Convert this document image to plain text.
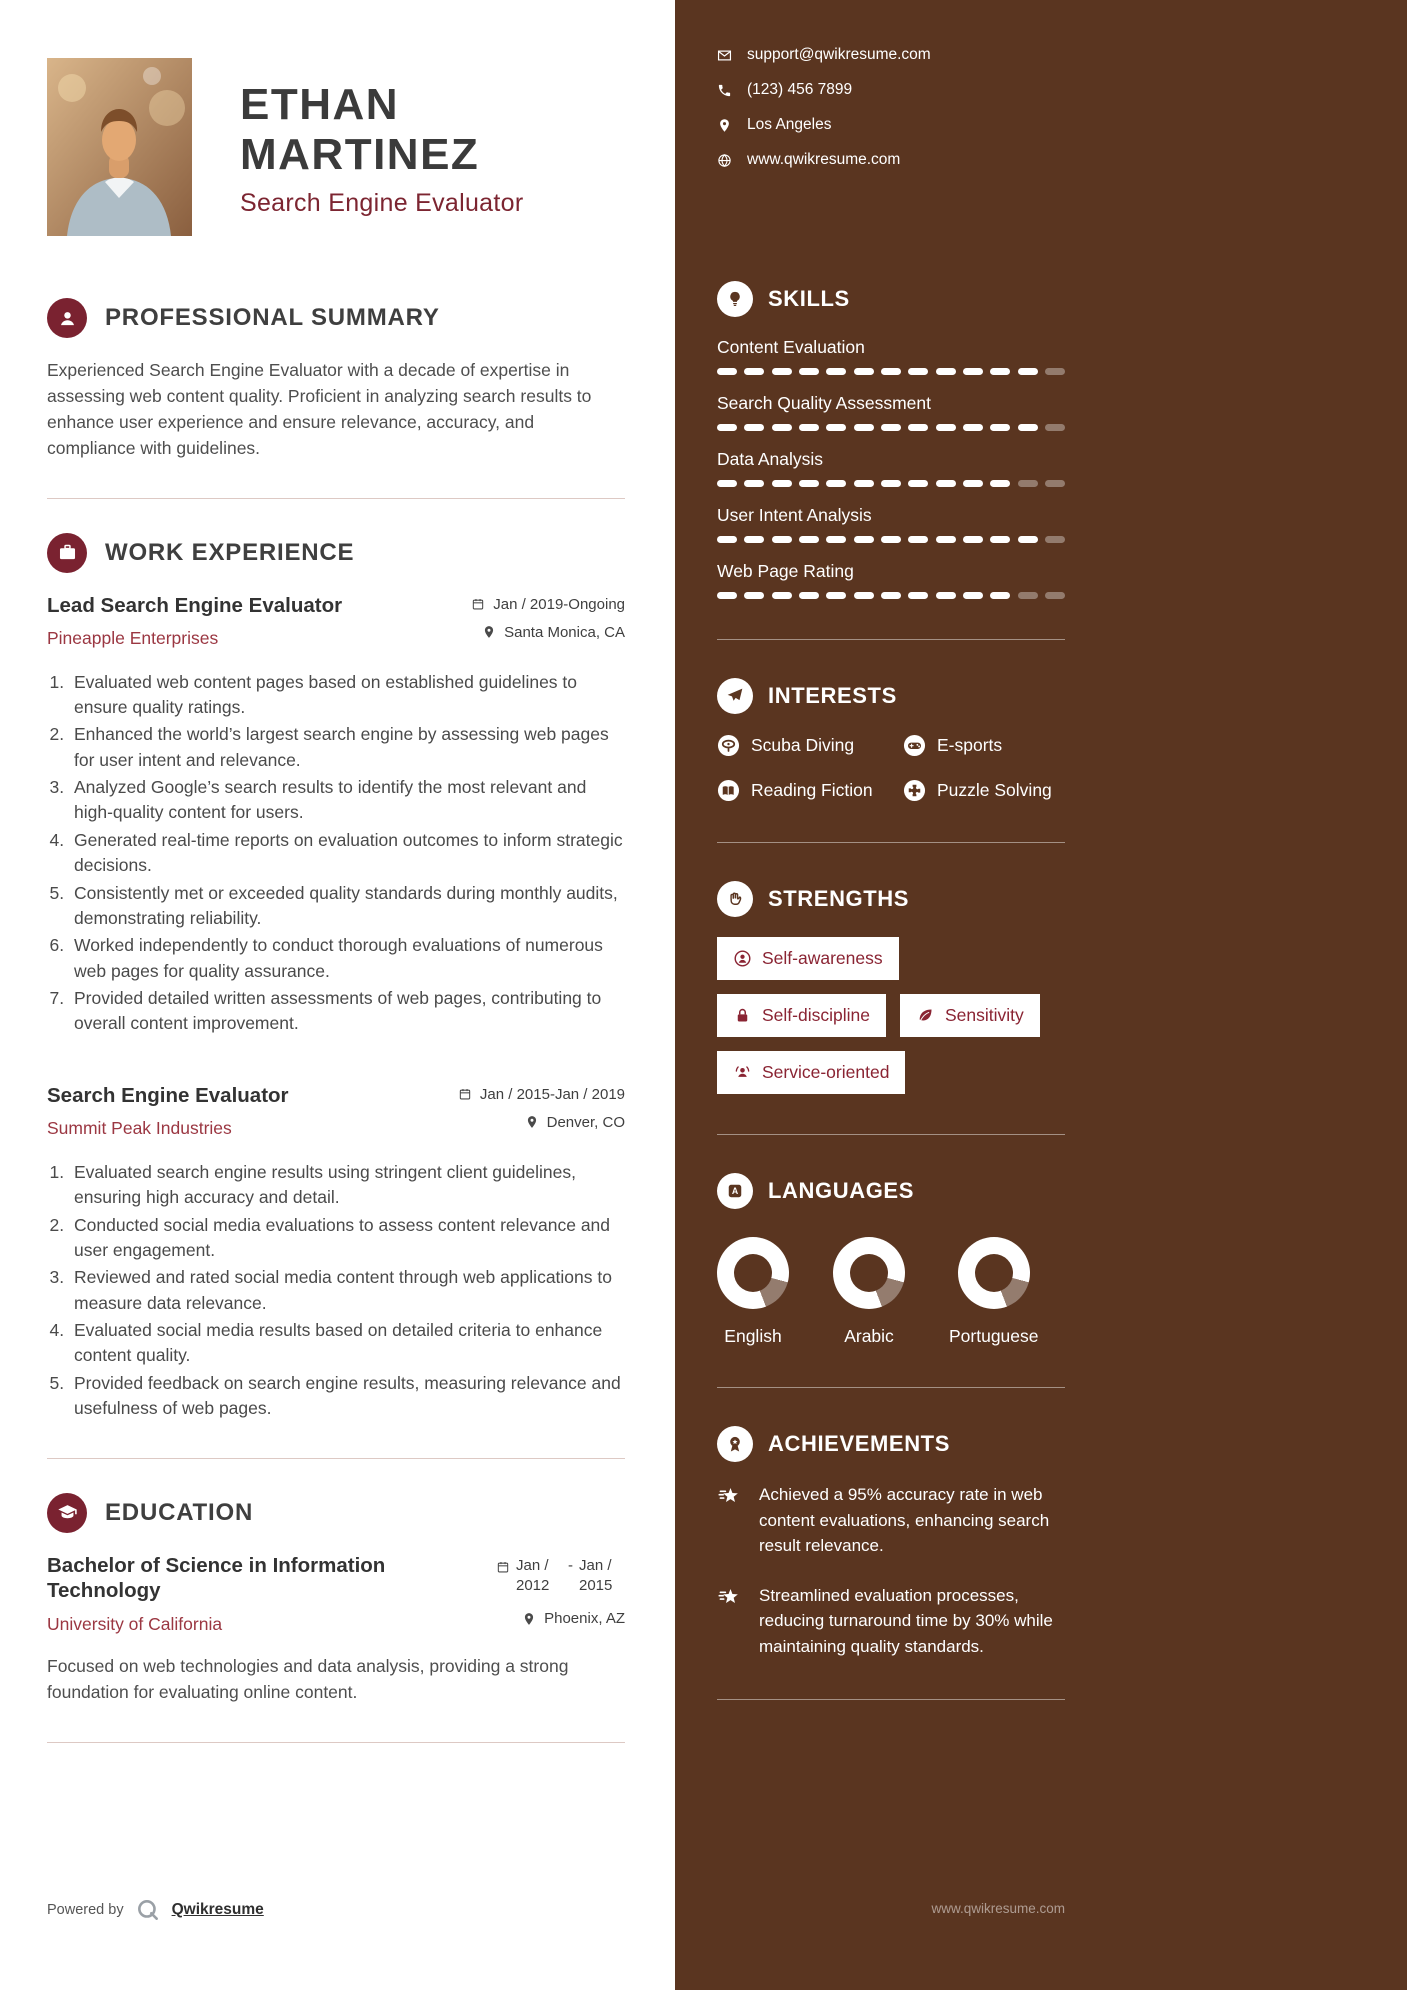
ETHAN MARTINEZ
Search Engine Evaluator
PROFESSIONAL SUMMARY

Experienced Search Engine Evaluator with a decade of expertise in assessing web content quality. Proficient in analyzing search results to enhance user experience and ensure relevance, accuracy, and compliance with guidelines.

WORK EXPERIENCE
Lead Search Engine Evaluator
Pineapple Enterprises
Jan / 2019-Ongoing
Santa Monica, CA
1. Evaluated web content pages based on established guidelines to ensure quality ratings.
2. Enhanced the world’s largest search engine by assessing web pages for user intent and relevance.
3. Analyzed Google’s search results to identify the most relevant and high-quality content for users.
4. Generated real-time reports on evaluation outcomes to inform strategic decisions.
5. Consistently met or exceeded quality standards during monthly audits, demonstrating reliability.
6. Worked independently to conduct thorough evaluations of numerous web pages for quality assurance.
7. Provided detailed written assessments of web pages, contributing to overall content improvement.
Search Engine Evaluator
Summit Peak Industries
Jan / 2015-Jan / 2019
Denver, CO
1. Evaluated search engine results using stringent client guidelines, ensuring high accuracy and detail.
2. Conducted social media evaluations to assess content relevance and user engagement.
3. Reviewed and rated social media content through web applications to measure data relevance.
4. Evaluated social media results based on detailed criteria to enhance content quality.
5. Provided feedback on search engine results, measuring relevance and usefulness of web pages.
EDUCATION
Bachelor of Science in Information Technology
University of California
Jan / 2012
- Jan / 2015
Phoenix, AZ

Focused on web technologies and data analysis, providing a strong foundation for evaluating online content.

Powered by	Qwikresume
support@qwikresume.com
(123) 456 7899
Los Angeles
www.qwikresume.com
SKILLS
Content Evaluation
Search Quality Assessment
Data Analysis
User Intent Analysis
Web Page Rating
INTERESTS
Scuba Diving	E-sports
Reading Fiction	Puzzle Solving
STRENGTHS
Self-awareness
Self-discipline	Sensitivity
Service-oriented
A LANGUAGES
English	Arabic	Portuguese
ACHIEVEMENTS

Achieved a 95% accuracy rate in web content evaluations, enhancing search result relevance.

Streamlined evaluation processes, reducing turnaround time by 30% while maintaining quality standards.

www.qwikresume.com
